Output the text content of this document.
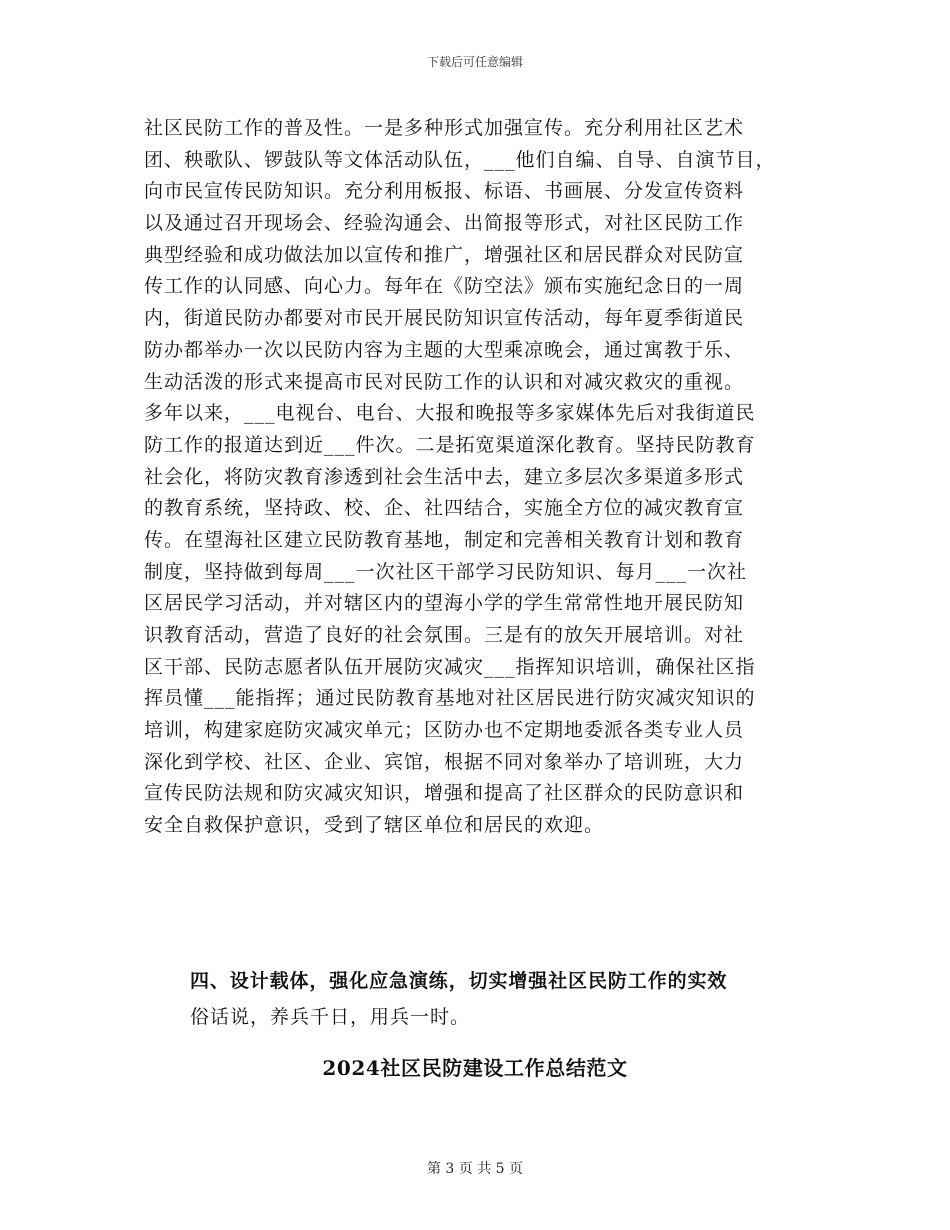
下载后可任意编辑
社区民防工作的普及性。一是多种形式加强宣传。充分利用社区艺术
团、秧歌队、锣鼓队等文体活动队伍，___他们自编、自导、自演节目，
向市民宣传民防知识。充分利用板报、标语、书画展、分发宣传资料
以及通过召开现场会、经验沟通会、出简报等形式，对社区民防工作
典型经验和成功做法加以宣传和推广，增强社区和居民群众对民防宣
传工作的认同感、向心力。每年在《防空法》颁布实施纪念日的一周
内，街道民防办都要对市民开展民防知识宣传活动，每年夏季街道民
防办都举办一次以民防内容为主题的大型乘凉晚会，通过寓教于乐、
生动活泼的形式来提高市民对民防工作的认识和对减灾救灾的重视。
多年以来，___电视台、电台、大报和晚报等多家媒体先后对我街道民
防工作的报道达到近___件次。二是拓宽渠道深化教育。坚持民防教育
社会化，将防灾教育渗透到社会生活中去，建立多层次多渠道多形式
的教育系统，坚持政、校、企、社四结合，实施全方位的减灾教育宣
传。在望海社区建立民防教育基地，制定和完善相关教育计划和教育
制度，坚持做到每周___一次社区干部学习民防知识、每月___一次社
区居民学习活动，并对辖区内的望海小学的学生常常性地开展民防知
识教育活动，营造了良好的社会氛围。三是有的放矢开展培训。对社
区干部、民防志愿者队伍开展防灾减灾___指挥知识培训，确保社区指
挥员懂___能指挥；通过民防教育基地对社区居民进行防灾减灾知识的
培训，构建家庭防灾减灾单元；区防办也不定期地委派各类专业人员
深化到学校、社区、企业、宾馆，根据不同对象举办了培训班，大力
宣传民防法规和防灾减灾知识，增强和提高了社区群众的民防意识和
安全自救保护意识，受到了辖区单位和居民的欢迎。
四、设计载体，强化应急演练，切实增强社区民防工作的实效
俗话说，养兵千日，用兵一时。
2024社区民防建设工作总结范文
第 3 页 共 5 页
